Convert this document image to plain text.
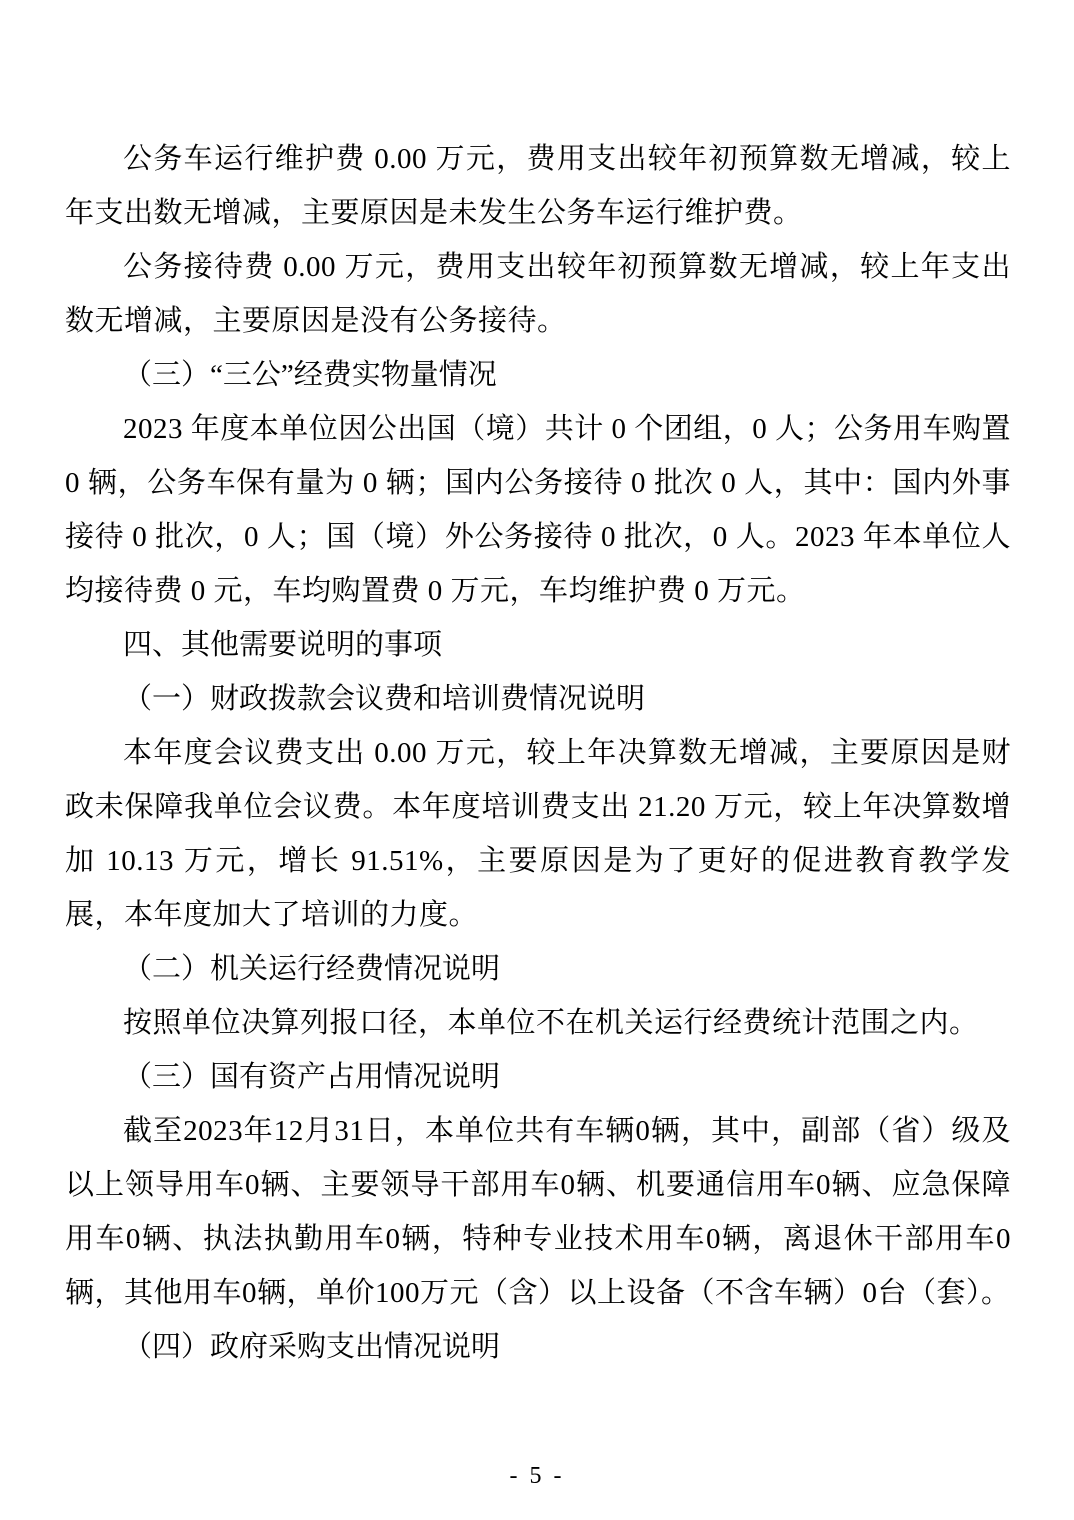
公务车运行维护费 0.00 万元，费用支出较年初预算数无增减，较上年支出数无增减，主要原因是未发生公务车运行维护费。

公务接待费 0.00 万元，费用支出较年初预算数无增减，较上年支出数无增减，主要原因是没有公务接待。

（三）“三公”经费实物量情况

2023 年度本单位因公出国（境）共计 0 个团组，0 人；公务用车购置 0 辆，公务车保有量为 0 辆；国内公务接待 0 批次 0 人，其中：国内外事接待 0 批次，0 人；国（境）外公务接待 0 批次，0 人。2023 年本单位人均接待费 0 元，车均购置费 0 万元，车均维护费 0 万元。

四、其他需要说明的事项
（一）财政拨款会议费和培训费情况说明

本年度会议费支出 0.00 万元，较上年决算数无增减，主要原因是财政未保障我单位会议费。本年度培训费支出 21.20 万元，较上年决算数增加 10.13 万元，增长 91.51%，主要原因是为了更好的促进教育教学发展，本年度加大了培训的力度。

（二）机关运行经费情况说明

按照单位决算列报口径，本单位不在机关运行经费统计范围之内。

（三）国有资产占用情况说明

截至2023年12月31日，本单位共有车辆0辆，其中，副部（省）级及以上领导用车0辆、主要领导干部用车0辆、机要通信用车0辆、应急保障用车0辆、执法执勤用车0辆，特种专业技术用车0辆，离退休干部用车0辆，其他用车0辆，单价100万元（含）以上设备（不含车辆）0台（套）。

（四）政府采购支出情况说明
- 5 -
